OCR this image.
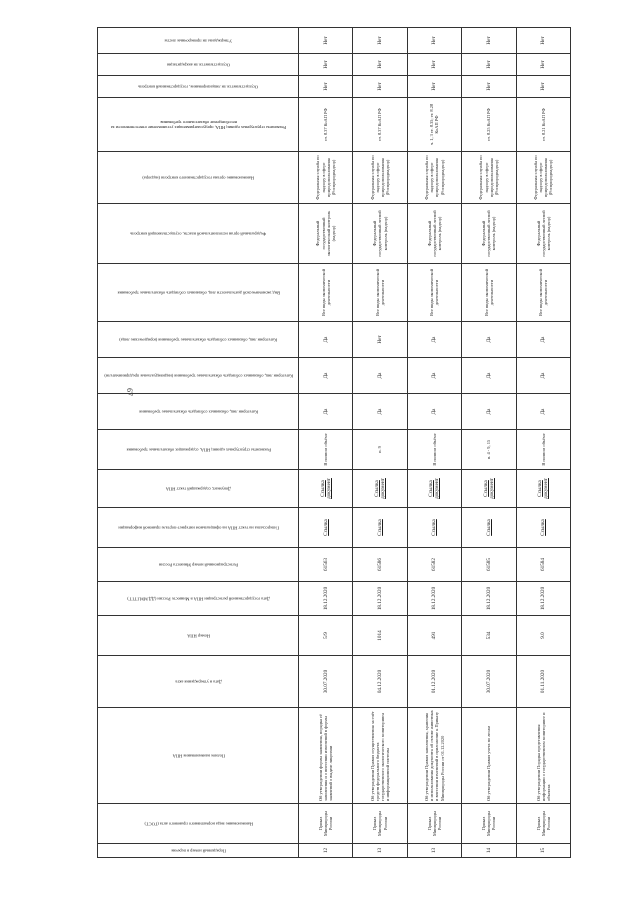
67
Порядковый номер в перечне	Наименование вида нормативного правового акта (ГОСТ)	Полное наименование НПА	Дата и утверждения акта	Номер НПА	Дата государственной регистрации НПА в Минюсте России (ДД.ММ.ГГГГ)	Регистрационный номер Минюста России	Гиперссылка на текст НПА на официальном интернет-портале правовой информации	Документ, содержащий текст НПА	Реквизиты структурных единиц НПА, содержащих обязательные требования	Категории лиц, обязанных соблюдать обязательные требования	Категории лиц, обязанных соблюдать обязательные требования (индивидуальные предприниматели)	Категории лиц, обязанных соблюдать обязательные требования (юридические лица)	Вид экономической деятельности лиц, обязанных соблюдать обязательные требования	Федеральный орган исполнительной власти, осуществляющий контроль	Наименование органа государственного контроля (надзора)	Реквизиты структурных единиц НПА, предусматривающих установление ответственности за несоблюдение обязательного требования	Осуществляется ли лицензирование, государственный контроль	Осуществляется ли аккредитация	Утверждены ли проверочные листы
12	Приказ Минприроды России	Об утверждении формы заявления, порядка её заполнения и о внесении изменений в формы заявлений о выдаче лицензии	30.07.2020	5/9	18.12.2020	61563	Ссылка	Ссылка документ	В полном объёме	Да	Да	Да	Все виды экономической деятельности	Федеральный государственный экологический контроль (надзор)	Федеральная служба по надзору в сфере природопользования (Росприроднадзор)	ст. 8.37 КоАП РФ	Нет	Нет	Нет
13	Приказ Минприроды России	Об утверждении Правил осуществления за счёт средств федерального бюджета государственного экологического мониторинга и информационной системы	04.12.2020	1014	18.12.2020	61586	Ссылка	Ссылка документ	п. 9	Да	Да	Нет	Все виды экономической деятельности	Федеральный государственный лесной контроль (надзор)	Федеральная служба по надзору в сфере природопользования (Росприроднадзор)	ст. 8.37 КоАП РФ	Нет	Нет	Нет
13	Приказ Минприроды России	Об утверждении Правил заполнения, хранения и использования документа об отлове животных и внесении изменений в приложение к Приказу Минприроды России от 01.12.2020	01.12.2020	491	18.12.2020	61582	Ссылка	Ссылка документ	В полном объёме	Да	Да	Да	Все виды экономической деятельности	Федеральный государственный лесной контроль (надзор)	Федеральная служба по надзору в сфере природопользования (Росприроднадзор)	ч. 1, 3 ст. 8.35; ст. 8.28 КоАП РФ	Нет	Нет	Нет
14	Приказ Минприроды России	Об утверждении Правил учета по лесам	30.07.2020	534	18.12.2020	61585	Ссылка	Ссылка документ	п. 4 - 9, 15	Да	Да	Да	Все виды экономической деятельности	Федеральный государственный лесной контроль (надзор)	Федеральная служба по надзору в сфере природопользования (Росприроднадзор)	ст. 8.25 КоАП РФ	Нет	Нет	Нет
15	Приказ Минприроды России	Об утверждении Порядка представления информации о государственном мониторинге и объектах	01.11.2020	9.0	18.12.2020	61584	Ссылка	Ссылка документ	В полном объёме	Да	Да	Да	Все виды экономической деятельности	Федеральный государственный лесной контроль (надзор)	Федеральная служба по надзору в сфере природопользования (Росприроднадзор)	ст. 8.21 КоАП РФ	Нет	Нет	Нет
